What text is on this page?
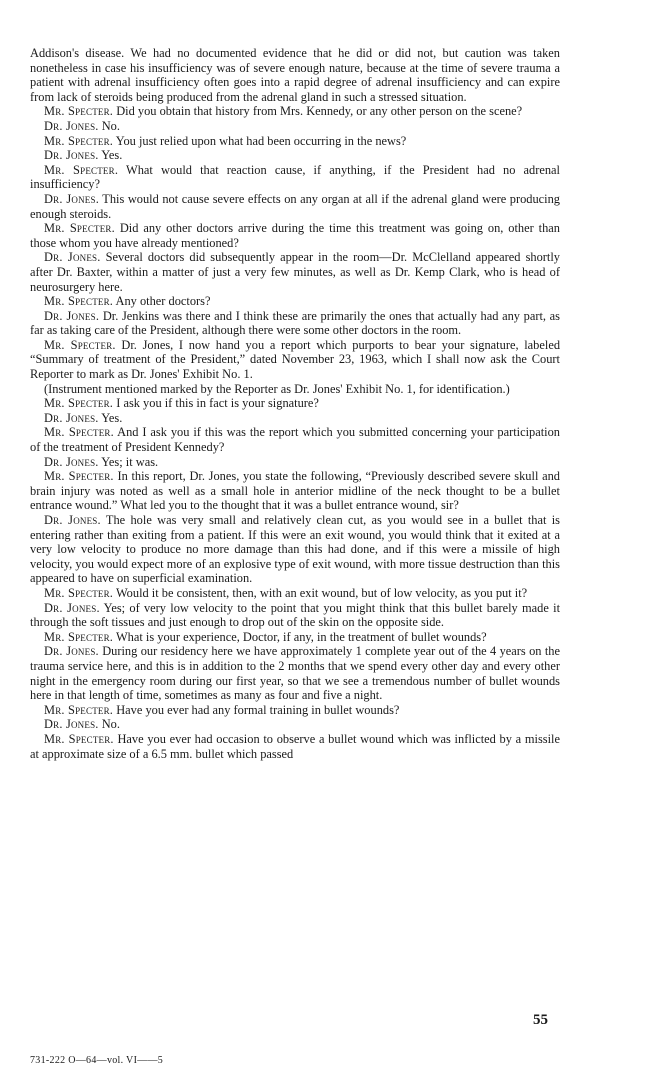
Addison's disease. We had no documented evidence that he did or did not, but caution was taken nonetheless in case his insufficiency was of severe enough nature, because at the time of severe trauma a patient with adrenal insufficiency often goes into a rapid degree of adrenal insufficiency and can expire from lack of steroids being produced from the adrenal gland in such a stressed situation.

Mr. Specter. Did you obtain that history from Mrs. Kennedy, or any other person on the scene?

Dr. Jones. No.

Mr. Specter. You just relied upon what had been occurring in the news?

Dr. Jones. Yes.

Mr. Specter. What would that reaction cause, if anything, if the President had no adrenal insufficiency?

Dr. Jones. This would not cause severe effects on any organ at all if the adrenal gland were producing enough steroids.

Mr. Specter. Did any other doctors arrive during the time this treatment was going on, other than those whom you have already mentioned?

Dr. Jones. Several doctors did subsequently appear in the room—Dr. McClelland appeared shortly after Dr. Baxter, within a matter of just a very few minutes, as well as Dr. Kemp Clark, who is head of neurosurgery here.

Mr. Specter. Any other doctors?

Dr. Jones. Dr. Jenkins was there and I think these are primarily the ones that actually had any part, as far as taking care of the President, although there were some other doctors in the room.

Mr. Specter. Dr. Jones, I now hand you a report which purports to bear your signature, labeled “Summary of treatment of the President,” dated November 23, 1963, which I shall now ask the Court Reporter to mark as Dr. Jones' Exhibit No. 1.

(Instrument mentioned marked by the Reporter as Dr. Jones' Exhibit No. 1, for identification.)

Mr. Specter. I ask you if this in fact is your signature?

Dr. Jones. Yes.

Mr. Specter. And I ask you if this was the report which you submitted concerning your participation of the treatment of President Kennedy?

Dr. Jones. Yes; it was.

Mr. Specter. In this report, Dr. Jones, you state the following, “Previously described severe skull and brain injury was noted as well as a small hole in anterior midline of the neck thought to be a bullet entrance wound.” What led you to the thought that it was a bullet entrance wound, sir?

Dr. Jones. The hole was very small and relatively clean cut, as you would see in a bullet that is entering rather than exiting from a patient. If this were an exit wound, you would think that it exited at a very low velocity to produce no more damage than this had done, and if this were a missile of high velocity, you would expect more of an explosive type of exit wound, with more tissue destruction than this appeared to have on superficial examination.

Mr. Specter. Would it be consistent, then, with an exit wound, but of low velocity, as you put it?

Dr. Jones. Yes; of very low velocity to the point that you might think that this bullet barely made it through the soft tissues and just enough to drop out of the skin on the opposite side.

Mr. Specter. What is your experience, Doctor, if any, in the treatment of bullet wounds?

Dr. Jones. During our residency here we have approximately 1 complete year out of the 4 years on the trauma service here, and this is in addition to the 2 months that we spend every other day and every other night in the emergency room during our first year, so that we see a tremendous number of bullet wounds here in that length of time, sometimes as many as four and five a night.

Mr. Specter. Have you ever had any formal training in bullet wounds?

Dr. Jones. No.

Mr. Specter. Have you ever had occasion to observe a bullet wound which was inflicted by a missile at approximate size of a 6.5 mm. bullet which passed

55
731-222 O—64—vol. VI——5
